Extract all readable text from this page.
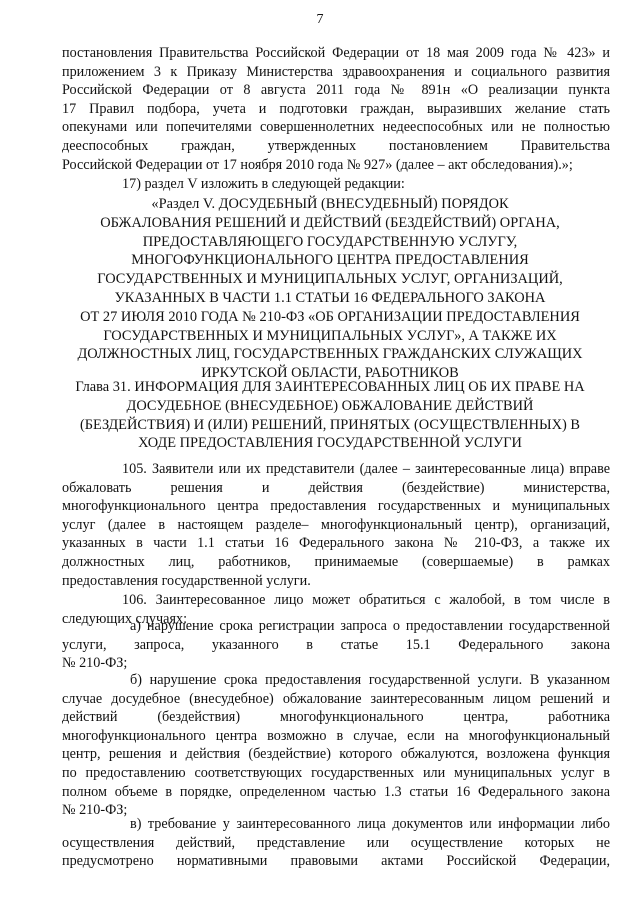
7

постановления Правительства Российской Федерации от 18 мая 2009 года № 423» и

приложением 3 к Приказу Министерства здравоохранения и социального развития

Российской Федерации от 8 августа 2011 года № 891н «О реализации пункта

17 Правил подбора, учета и подготовки граждан, выразивших желание стать

опекунами или попечителями совершеннолетних недееспособных или не полностью

дееспособных граждан, утвержденных постановлением Правительства

Российской Федерации от 17 ноября 2010 года № 927» (далее – акт обследования).»;

17) раздел V изложить в следующей редакции:

«Раздел V. ДОСУДЕБНЫЙ (ВНЕСУДЕБНЫЙ) ПОРЯДОК

ОБЖАЛОВАНИЯ РЕШЕНИЙ И ДЕЙСТВИЙ (БЕЗДЕЙСТВИЙ) ОРГАНА,

ПРЕДОСТАВЛЯЮЩЕГО ГОСУДАРСТВЕННУЮ УСЛУГУ,

МНОГОФУНКЦИОНАЛЬНОГО ЦЕНТРА ПРЕДОСТАВЛЕНИЯ

ГОСУДАРСТВЕННЫХ И МУНИЦИПАЛЬНЫХ УСЛУГ, ОРГАНИЗАЦИЙ,

УКАЗАННЫХ В ЧАСТИ 1.1 СТАТЬИ 16 ФЕДЕРАЛЬНОГО ЗАКОНА

ОТ 27 ИЮЛЯ 2010 ГОДА № 210-ФЗ «ОБ ОРГАНИЗАЦИИ ПРЕДОСТАВЛЕНИЯ

ГОСУДАРСТВЕННЫХ И МУНИЦИПАЛЬНЫХ УСЛУГ», А ТАКЖЕ ИХ

ДОЛЖНОСТНЫХ ЛИЦ, ГОСУДАРСТВЕННЫХ ГРАЖДАНСКИХ СЛУЖАЩИХ

ИРКУТСКОЙ ОБЛАСТИ, РАБОТНИКОВ

Глава 31. ИНФОРМАЦИЯ ДЛЯ ЗАИНТЕРЕСОВАННЫХ ЛИЦ ОБ ИХ ПРАВЕ НА

ДОСУДЕБНОЕ (ВНЕСУДЕБНОЕ) ОБЖАЛОВАНИЕ ДЕЙСТВИЙ

(БЕЗДЕЙСТВИЯ) И (ИЛИ) РЕШЕНИЙ, ПРИНЯТЫХ (ОСУЩЕСТВЛЕННЫХ) В

ХОДЕ ПРЕДОСТАВЛЕНИЯ ГОСУДАРСТВЕННОЙ УСЛУГИ

105. Заявители или их представители (далее – заинтересованные лица) вправе

обжаловать решения и действия (бездействие) министерства,

многофункционального центра предоставления государственных и муниципальных

услуг (далее в настоящем разделе– многофункциональный центр), организаций,

указанных в части 1.1 статьи 16 Федерального закона № 210-ФЗ, а также их

должностных лиц, работников, принимаемые (совершаемые) в рамках

предоставления государственной услуги.

106. Заинтересованное лицо может обратиться с жалобой, в том числе в

следующих случаях:

а) нарушение срока регистрации запроса о предоставлении государственной

услуги, запроса, указанного в статье 15.1 Федерального закона

№ 210-ФЗ;

б) нарушение срока предоставления государственной услуги. В указанном

случае досудебное (внесудебное) обжалование заинтересованным лицом решений и

действий (бездействия) многофункционального центра, работника

многофункционального центра возможно в случае, если на многофункциональный

центр, решения и действия (бездействие) которого обжалуются, возложена функция

по предоставлению соответствующих государственных или муниципальных услуг в

полном объеме в порядке, определенном частью 1.3 статьи 16 Федерального закона

№ 210-ФЗ;

в) требование у заинтересованного лица документов или информации либо

осуществления действий, представление или осуществление которых не

предусмотрено нормативными правовыми актами Российской Федерации,
